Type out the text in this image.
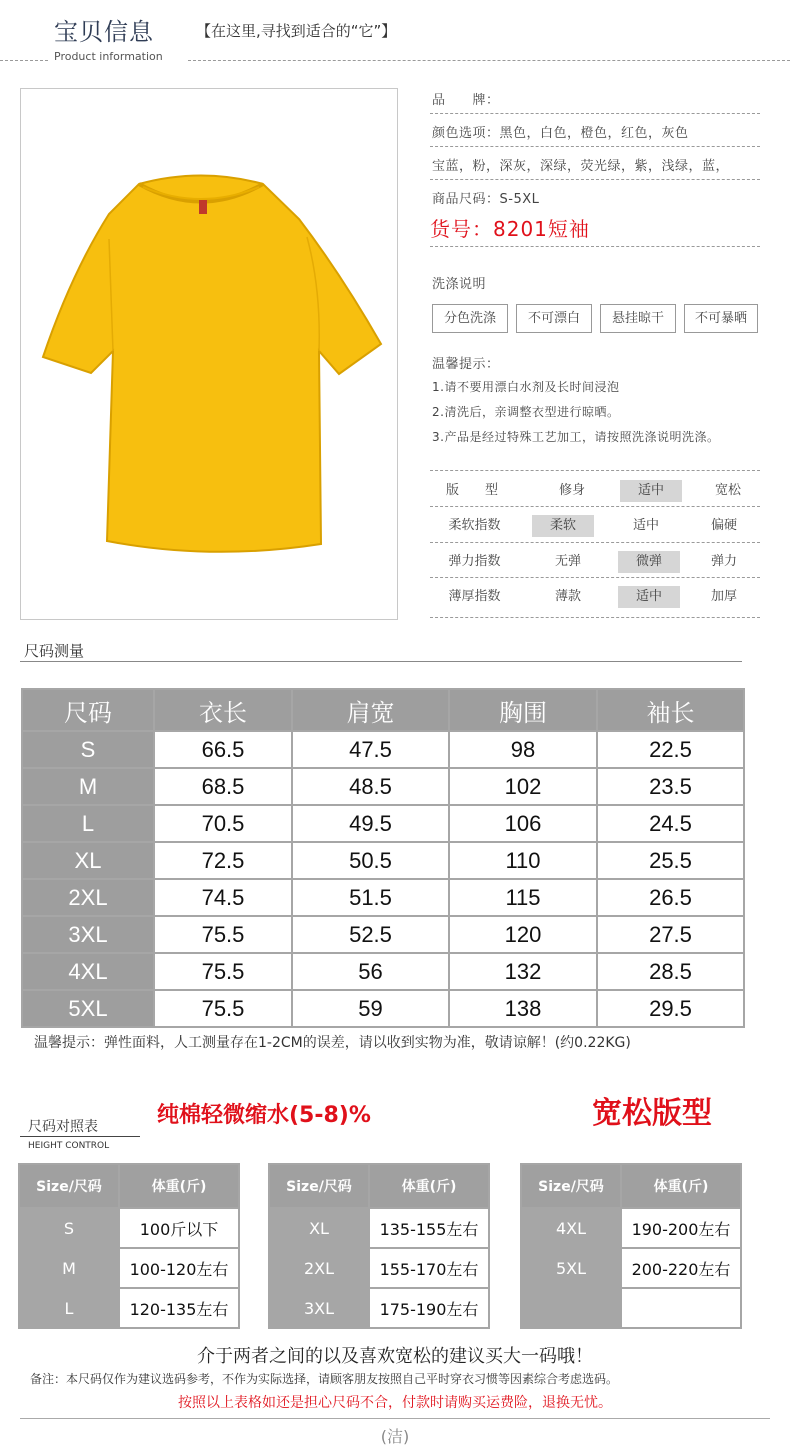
宝贝信息	【在这里,寻找到适合的“它”】
Product information
品　　牌：
颜色选项：黑色，白色，橙色，红色，灰色
宝蓝，粉，深灰，深绿，荧光绿，紫，浅绿，蓝，
商品尺码：S-5XL
货号：8201短袖
洗涤说明
分色洗涤	不可漂白	悬挂晾干	不可暴晒
温馨提示：
1.请不要用漂白水剂及长时间浸泡
2.清洗后，亲调整衣型进行晾晒。
3.产品是经过特殊工艺加工，请按照洗涤说明洗涤。
版　　型	修身	适中	宽松
柔软指数	柔软	适中	偏硬
弹力指数	无弹	微弹	弹力
薄厚指数	薄款	适中	加厚
尺码测量
尺码	衣长	肩宽	胸围	袖长
S	66.5	47.5	98	22.5
M	68.5	48.5	102	23.5
L	70.5	49.5	106	24.5
XL	72.5	50.5	110	25.5
2XL	74.5	51.5	115	26.5
3XL	75.5	52.5	120	27.5
4XL	75.5	56	132	28.5
5XL	75.5	59	138	29.5
温馨提示：弹性面料，人工测量存在1-2CM的误差，请以收到实物为准，敬请谅解！(约0.22KG)
纯棉轻微缩水(5-8)%	宽松版型
尺码对照表
HEIGHT CONTROL
Size/尺码	体重(斤)
S	100斤以下
M	100-120左右
L	120-135左右
Size/尺码	体重(斤)
XL	135-155左右
2XL	155-170左右
3XL	175-190左右
Size/尺码	体重(斤)
4XL	190-200左右
5XL	200-220左右

介于两者之间的以及喜欢宽松的建议买大一码哦！
备注：本尺码仅作为建议选码参考，不作为实际选择，请顾客朋友按照自己平时穿衣习惯等因素综合考虑选码。
按照以上表格如还是担心尺码不合，付款时请购买运费险，退换无忧。
(洁)
